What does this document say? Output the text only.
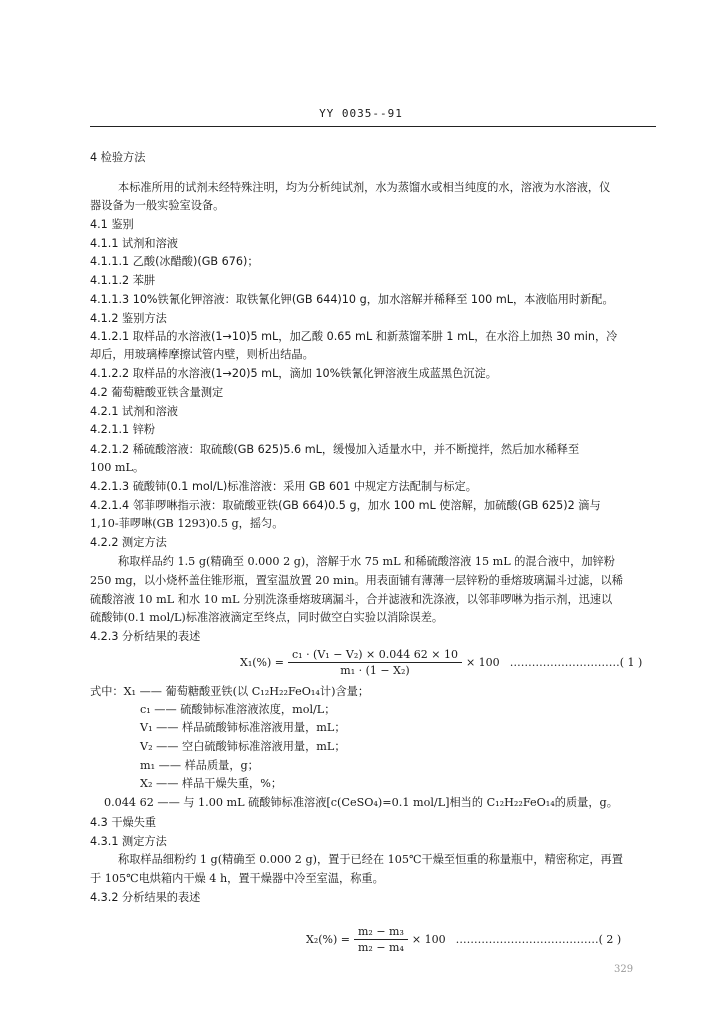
YY 0035--91
4 检验方法
本标准所用的试剂未经特殊注明，均为分析纯试剂，水为蒸馏水或相当纯度的水，溶液为水溶液，仪
器设备为一般实验室设备。
4.1 鉴别
4.1.1 试剂和溶液
4.1.1.1 乙酸(冰醋酸)(GB 676)；
4.1.1.2 苯肼
4.1.1.3 10%铁氰化钾溶液：取铁氰化钾(GB 644)10 g，加水溶解并稀释至 100 mL，本液临用时新配。
4.1.2 鉴别方法
4.1.2.1 取样品的水溶液(1→10)5 mL，加乙酸 0.65 mL 和新蒸馏苯肼 1 mL，在水浴上加热 30 min，冷
却后，用玻璃棒摩擦试管内壁，则析出结晶。
4.1.2.2 取样品的水溶液(1→20)5 mL，滴加 10%铁氰化钾溶液生成蓝黑色沉淀。
4.2 葡萄糖酸亚铁含量测定
4.2.1 试剂和溶液
4.2.1.1 锌粉
4.2.1.2 稀硫酸溶液：取硫酸(GB 625)5.6 mL，缓慢加入适量水中，并不断搅拌，然后加水稀释至
100 mL。
4.2.1.3 硫酸铈(0.1 mol/L)标准溶液：采用 GB 601 中规定方法配制与标定。
4.2.1.4 邻菲啰啉指示液：取硫酸亚铁(GB 664)0.5 g，加水 100 mL 使溶解，加硫酸(GB 625)2 滴与
1,10-菲啰啉(GB 1293)0.5 g，摇匀。
4.2.2 测定方法
称取样品约 1.5 g(精确至 0.000 2 g)，溶解于水 75 mL 和稀硫酸溶液 15 mL 的混合液中，加锌粉
250 mg，以小烧杯盖住锥形瓶，置室温放置 20 min。用表面铺有薄薄一层锌粉的垂熔玻璃漏斗过滤，以稀
硫酸溶液 10 mL 和水 10 mL 分别洗涤垂熔玻璃漏斗，合并滤液和洗涤液，以邻菲啰啉为指示剂，迅速以
硫酸铈(0.1 mol/L)标准溶液滴定至终点，同时做空白实验以消除误差。
4.2.3 分析结果的表述
$X_1(\%) = \frac{\text{c₁ · (V₁ − V₂) × 0.044 62 × 10}}{\text{m₁ · (1 − X₂)}} \times 100$ ………………………… ( 1 )
式中：X₁ —— 葡萄糖酸亚铁(以 C₁₂H₂₂FeO₁₄计)含量；
c₁ —— 硫酸铈标准溶液浓度，mol/L；
V₁ —— 样品硫酸铈标准溶液用量，mL；
V₂ —— 空白硫酸铈标准溶液用量，mL；
m₁ —— 样品质量，g；
X₂ —— 样品干燥失重，%；
0.044 62 —— 与 1.00 mL 硫酸铈标准溶液[c(CeSO₄)=0.1 mol/L]相当的 C₁₂H₂₂FeO₁₄的质量，g。
4.3 干燥失重
4.3.1 测定方法
称取样品细粉约 1 g(精确至 0.000 2 g)，置于已经在 105℃干燥至恒重的称量瓶中，精密称定，再置
于 105℃电烘箱内干燥 4 h，置干燥器中冷至室温，称重。
4.3.2 分析结果的表述
$X_2(\%) = \frac{\text{m₂ − m₃}}{\text{m₂ − m₄}} \times 100$ ………………………………… ( 2 )
329
